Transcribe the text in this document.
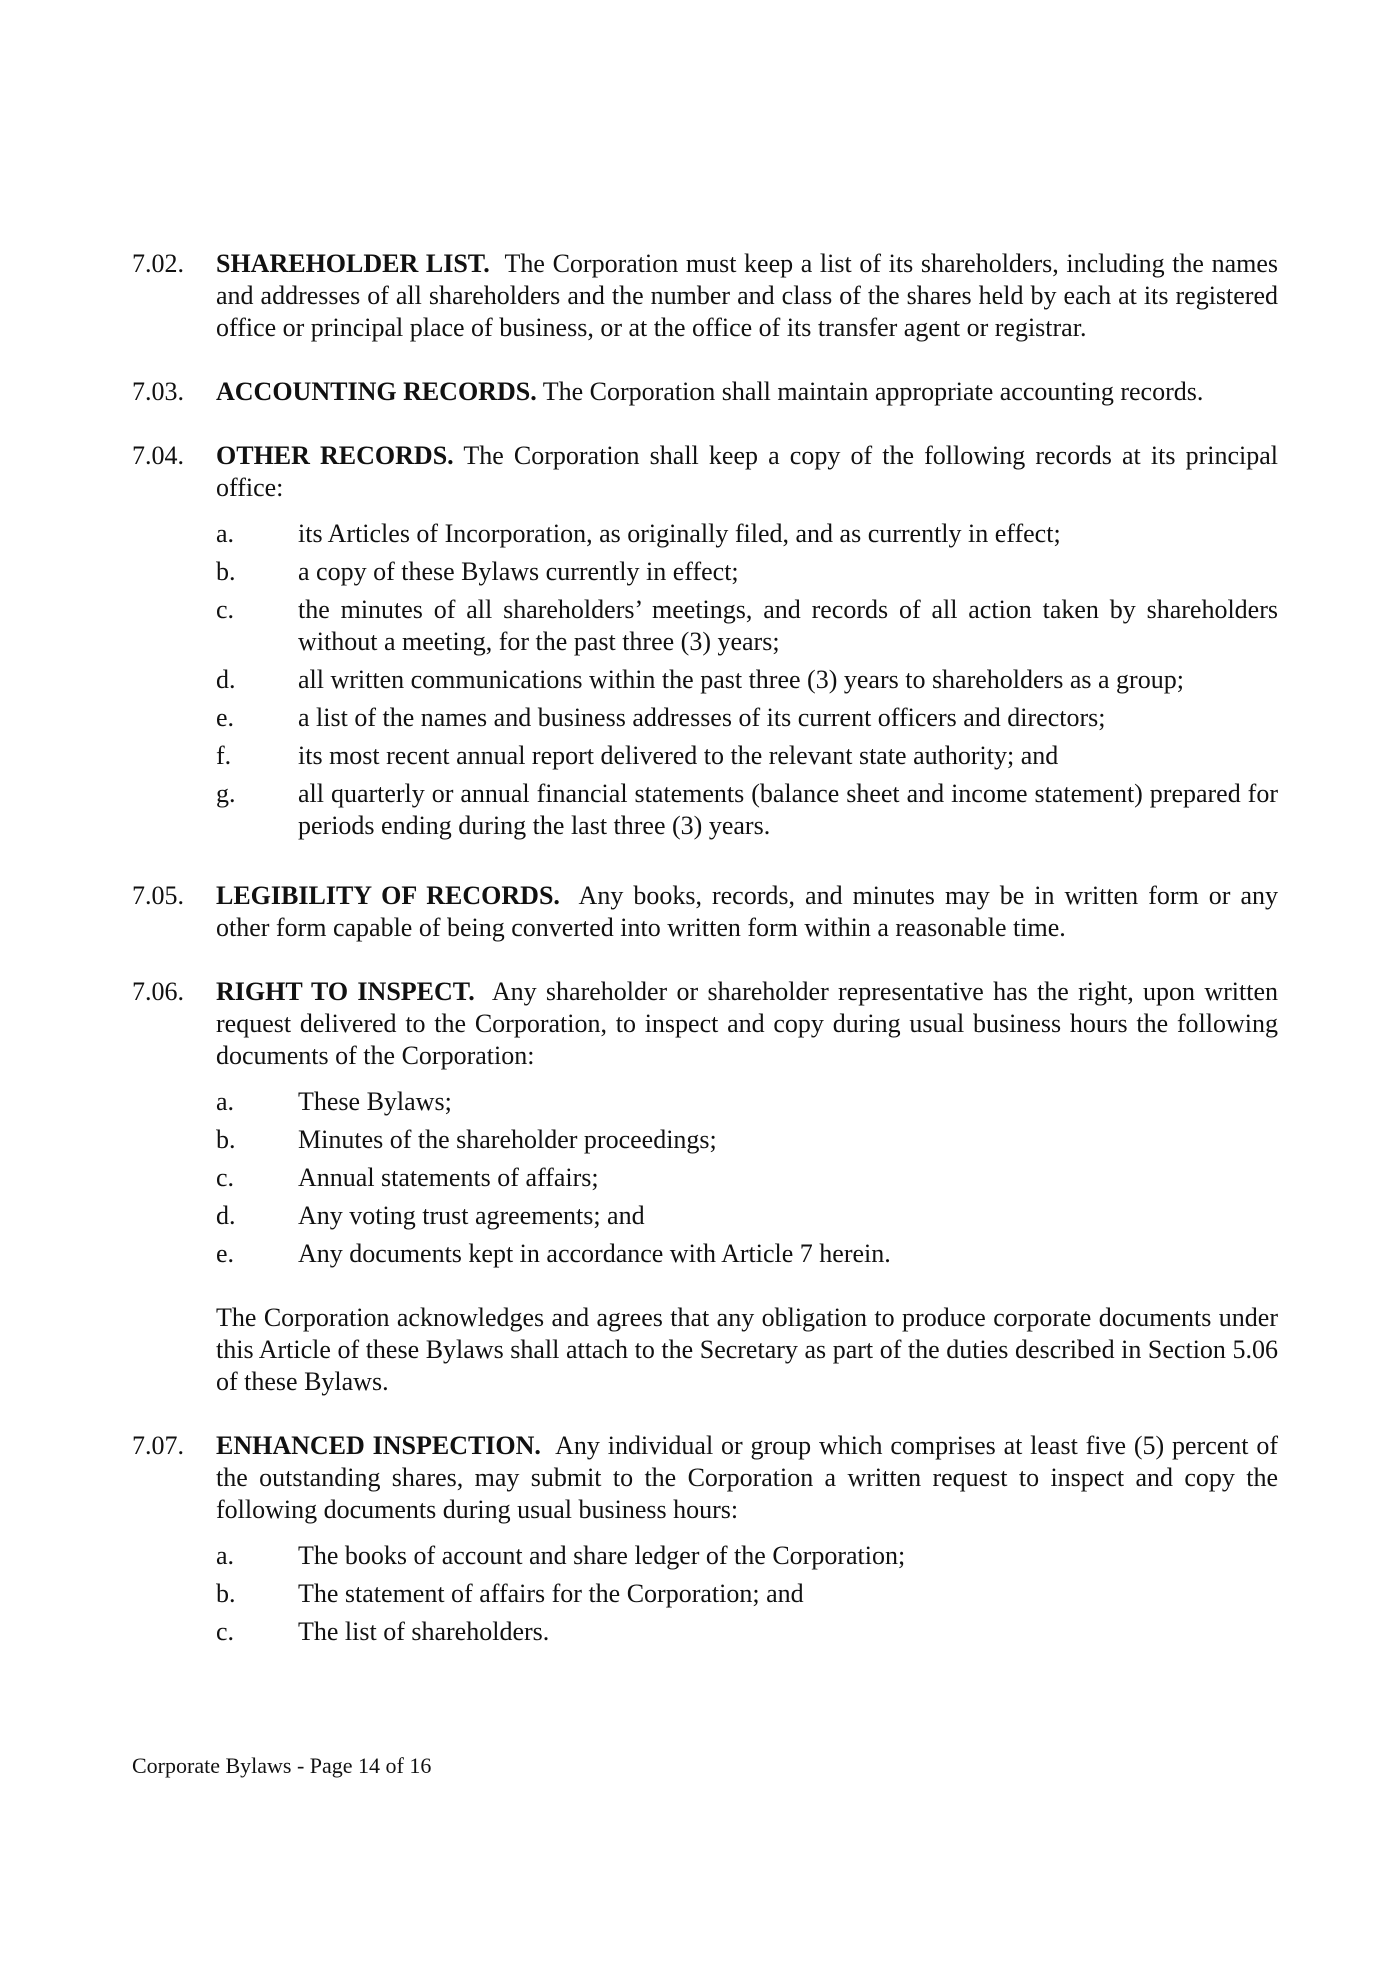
7.02.	SHAREHOLDER LIST. The Corporation must keep a list of its shareholders, including the names and addresses of all shareholders and the number and class of the shares held by each at its registered office or principal place of business, or at the office of its transfer agent or registrar.
7.03.	ACCOUNTING RECORDS. The Corporation shall maintain appropriate accounting records.
7.04.	OTHER RECORDS. The Corporation shall keep a copy of the following records at its principal office:
a.	its Articles of Incorporation, as originally filed, and as currently in effect;
b.	a copy of these Bylaws currently in effect;
c.	the minutes of all shareholders’ meetings, and records of all action taken by shareholders without a meeting, for the past three (3) years;
d.	all written communications within the past three (3) years to shareholders as a group;
e.	a list of the names and business addresses of its current officers and directors;
f.	its most recent annual report delivered to the relevant state authority; and
g.	all quarterly or annual financial statements (balance sheet and income statement) prepared for periods ending during the last three (3) years.
7.05.	LEGIBILITY OF RECORDS. Any books, records, and minutes may be in written form or any other form capable of being converted into written form within a reasonable time.
7.06.	RIGHT TO INSPECT. Any shareholder or shareholder representative has the right, upon written request delivered to the Corporation, to inspect and copy during usual business hours the following documents of the Corporation:
a.	These Bylaws;
b.	Minutes of the shareholder proceedings;
c.	Annual statements of affairs;
d.	Any voting trust agreements; and
e.	Any documents kept in accordance with Article 7 herein.
The Corporation acknowledges and agrees that any obligation to produce corporate documents under this Article of these Bylaws shall attach to the Secretary as part of the duties described in Section 5.06 of these Bylaws.
7.07.	ENHANCED INSPECTION. Any individual or group which comprises at least five (5) percent of the outstanding shares, may submit to the Corporation a written request to inspect and copy the following documents during usual business hours:
a.	The books of account and share ledger of the Corporation;
b.	The statement of affairs for the Corporation; and
c.	The list of shareholders.
Corporate Bylaws - Page 14 of 16
